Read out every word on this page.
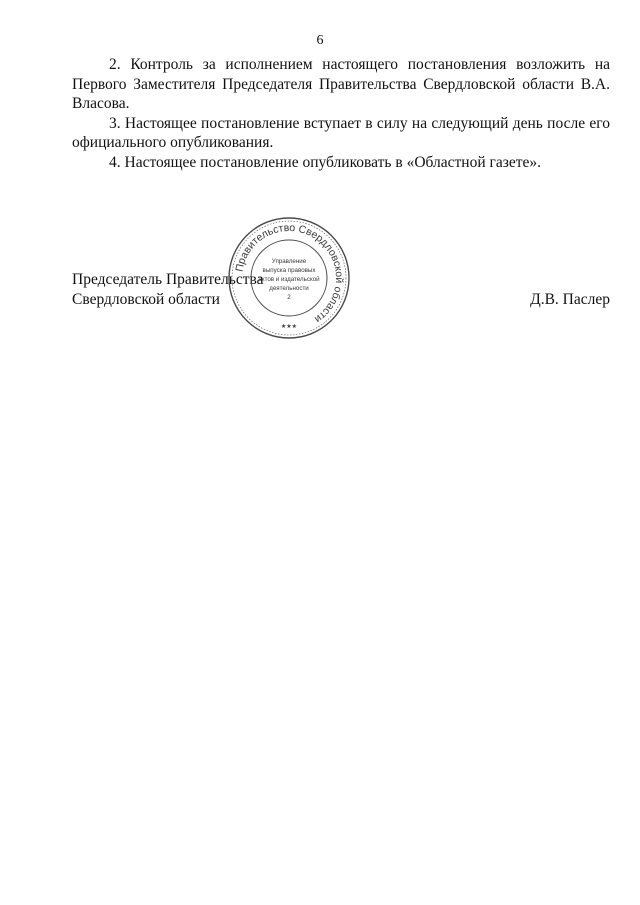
6

2. Контроль за исполнением настоящего постановления возложить на Первого Заместителя Председателя Правительства Свердловской области В.А. Власова.

3. Настоящее постановление вступает в силу на следующий день после его официального опубликования.

4. Настоящее постановление опубликовать в «Областной газете».

Председатель Правительства
Свердловской области	Д.В. Паслер
Правительство Свердловской области
Управление
выпуска правовых
актов и издательской
деятельности
2
★★★
